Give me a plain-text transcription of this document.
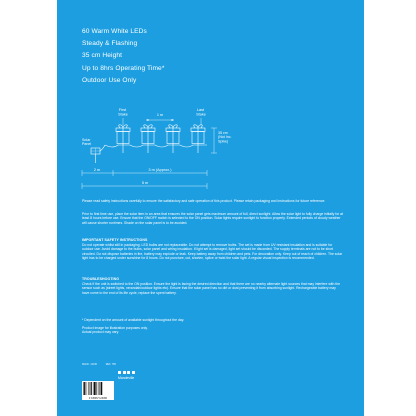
60 Warm White LEDs
Steady & Flashing
35 cm Height
Up to 8hrs Operating Time*
Outdoor Use Only
First Stake	1 m
Last Stake
35 cm (Not Inc. Spike)
Solar Panel
2 m	3 m (Approx.)
5 m

Please read safety instructions carefully to ensure the satisfactory and safe operation of this product. Please retain packaging and instructions for future reference.

Prior to first time use, place the solar item in an area that ensures the solar panel gets maximum amount of full, direct sunlight. Allow the solar light to fully charge initially for at least 8 hours before use. Ensure that the ON/OFF switch is selected to the ON position. Solar lights require sunlight to function properly. Extended periods of cloudy weather will cause shorter runtimes. Shade on the solar panel is to be avoided.

IMPORTANT SAFETY INSTRUCTIONS

Do not operate whilst still in packaging. LED bulbs are not replaceable. Do not attempt to remove bulbs. The set is made from UV resistant insulation and is suitable for outdoor use. Avoid damage to the bulbs, solar panel and wiring insulation. If light set is damaged, light set should be discarded. The supply terminals are not to be short circuited. Do not dispose batteries in fire, battery may explode or leak. Keep battery away from children and pets. For decoration only. Keep out of reach of children. The solar light has to be charged under sunshine for 8 hours. Do not puncture, cut, shorten, splice or twist the solar light. A regular visual inspection is recommended.

TROUBLESHOOTING

Check if the unit is switched to the ON position. Ensure the light is facing the desired direction and that there are no nearby alternate light sources that may interfere with the sensor such as (street lights, verandah/outdoor lights etc). Ensure that the solar panel has no dirt or dust preventing it from absorbing sunlight. Rechargeable battery may have come to the end of its life cycle, replace the spent battery.

* Dependent on the amount of available sunlight throughout the day.

Product image for illustration purposes only.
Actual product may vary.

MANU: 12345	REF: 785
9 345667 123456
Mandeville
